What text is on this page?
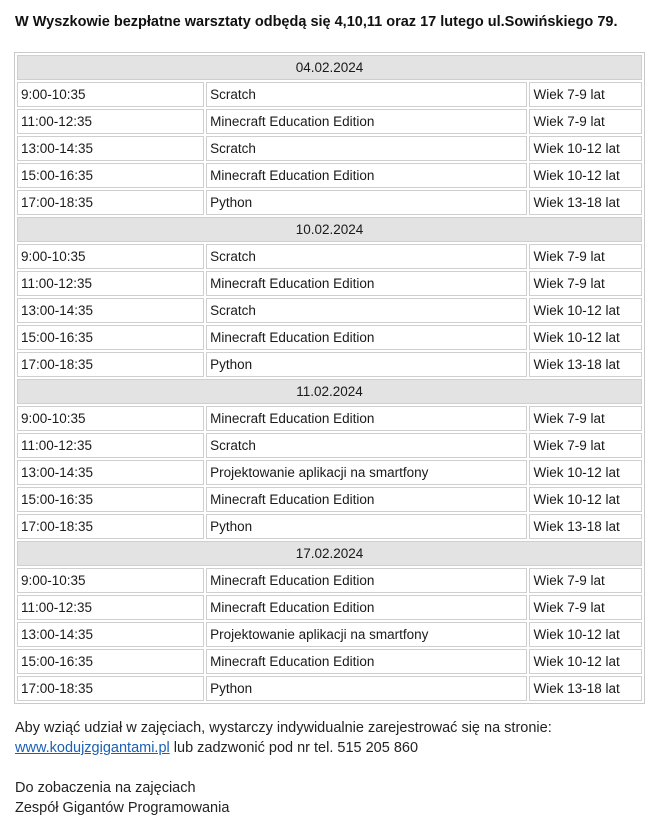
W Wyszkowie bezpłatne warsztaty odbędą się 4,10,11 oraz 17 lutego ul.Sowińskiego 79.
04.02.2024		
9:00-10:35	Scratch	Wiek 7-9 lat
11:00-12:35	Minecraft Education Edition	Wiek 7-9 lat
13:00-14:35	Scratch	Wiek 10-12 lat
15:00-16:35	Minecraft Education Edition	Wiek 10-12 lat
17:00-18:35	Python	Wiek 13-18 lat
10.02.2024		
9:00-10:35	Scratch	Wiek 7-9 lat
11:00-12:35	Minecraft Education Edition	Wiek 7-9 lat
13:00-14:35	Scratch	Wiek 10-12 lat
15:00-16:35	Minecraft Education Edition	Wiek 10-12 lat
17:00-18:35	Python	Wiek 13-18 lat
11.02.2024		
9:00-10:35	Minecraft Education Edition	Wiek 7-9 lat
11:00-12:35	Scratch	Wiek 7-9 lat
13:00-14:35	Projektowanie aplikacji na smartfony	Wiek 10-12 lat
15:00-16:35	Minecraft Education Edition	Wiek 10-12 lat
17:00-18:35	Python	Wiek 13-18 lat
17.02.2024		
9:00-10:35	Minecraft Education Edition	Wiek 7-9 lat
11:00-12:35	Minecraft Education Edition	Wiek 7-9 lat
13:00-14:35	Projektowanie aplikacji na smartfony	Wiek 10-12 lat
15:00-16:35	Minecraft Education Edition	Wiek 10-12 lat
17:00-18:35	Python	Wiek 13-18 lat

Aby wziąć udział w zajęciach, wystarczy indywidualnie zarejestrować się na stronie:

www.kodujzgigantami.pl lub zadzwonić pod nr tel. 515 205 860

Do zobaczenia na zajęciach

Zespół Gigantów Programowania
